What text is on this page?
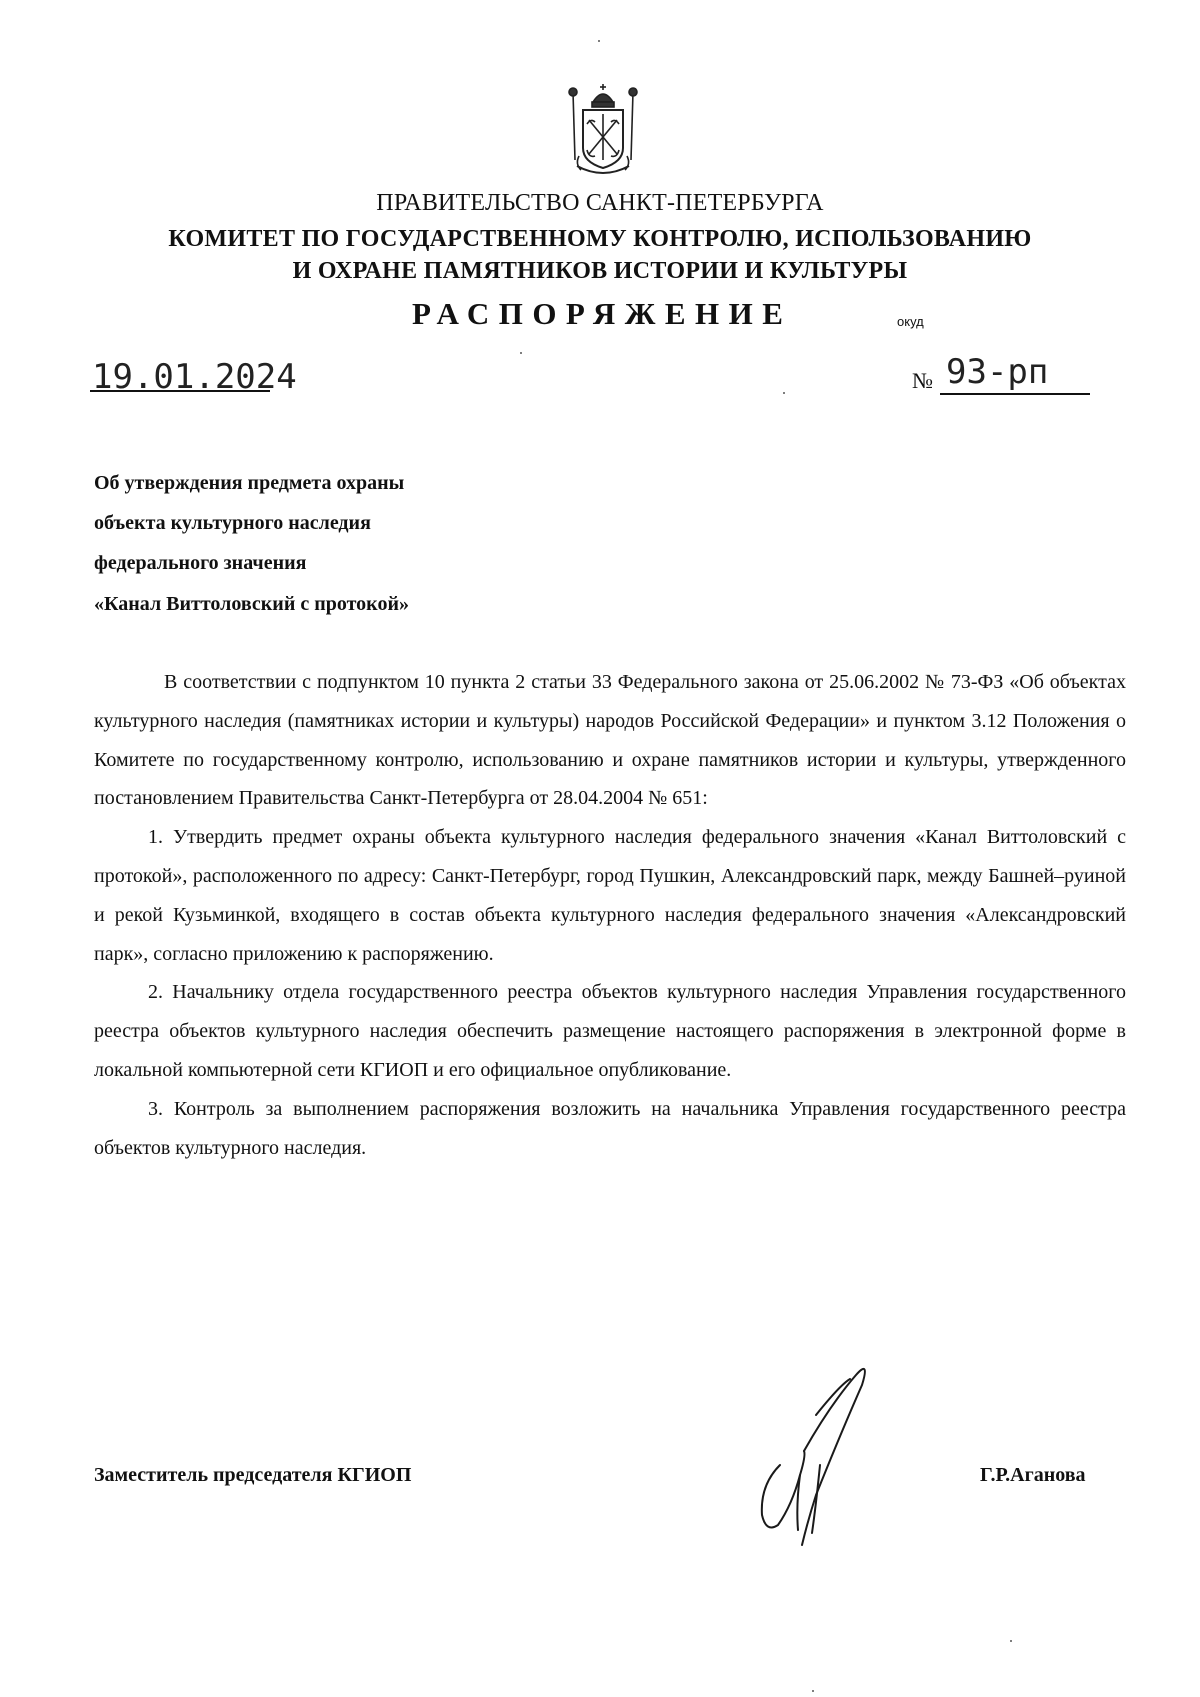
ПРАВИТЕЛЬСТВО САНКТ-ПЕТЕРБУРГА
КОМИТЕТ ПО ГОСУДАРСТВЕННОМУ КОНТРОЛЮ, ИСПОЛЬЗОВАНИЮ
И ОХРАНЕ ПАМЯТНИКОВ ИСТОРИИ И КУЛЬТУРЫ
РАСПОРЯЖЕНИЕ	окуд
19.01.2024	№ 93-рп
Об утверждения предмета охраны
объекта культурного наследия
федерального значения
«Канал Виттоловский с протокой»

В соответствии с подпунктом 10 пункта 2 статьи 33 Федерального закона от 25.06.2002 № 73-ФЗ «Об объектах культурного наследия (памятниках истории и культуры) народов Российской Федерации» и пунктом 3.12 Положения о Комитете по государственному контролю, использованию и охране памятников истории и культуры, утвержденного постановлением Правительства Санкт-Петербурга от 28.04.2004 № 651:

1. Утвердить предмет охраны объекта культурного наследия федерального значения «Канал Виттоловский с протокой», расположенного по адресу: Санкт-Петербург, город Пушкин, Александровский парк, между Башней–руиной и рекой Кузьминкой, входящего в состав объекта культурного наследия федерального значения «Александровский парк», согласно приложению к распоряжению.

2. Начальнику отдела государственного реестра объектов культурного наследия Управления государственного реестра объектов культурного наследия обеспечить размещение настоящего распоряжения в электронной форме в локальной компьютерной сети КГИОП и его официальное опубликование.

3. Контроль за выполнением распоряжения возложить на начальника Управления государственного реестра объектов культурного наследия.

Заместитель председателя КГИОП	Г.Р.Аганова
